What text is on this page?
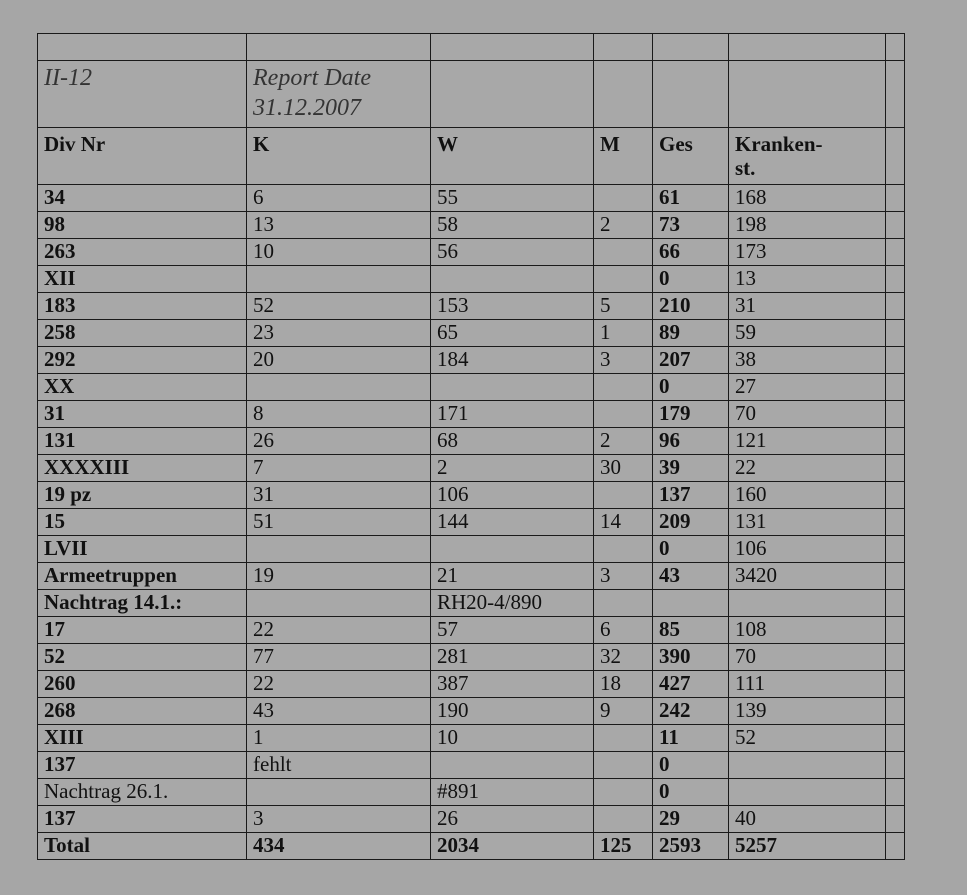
II-12	Report Date
31.12.2007					

Div Nr	K	W	M	Ges	Kranken-
st.	
34	6	55		61	168	
98	13	58	2	73	198	
263	10	56		66	173	
XII				0	13	
183	52	153	5	210	31	
258	23	65	1	89	59	
292	20	184	3	207	38	
XX				0	27	
31	8	171		179	70	
131	26	68	2	96	121	
XXXXIII	7	2	30	39	22	
19 pz	31	106		137	160	
15	51	144	14	209	131	
LVII				0	106	
Armeetruppen	19	21	3	43	3420	
Nachtrag 14.1.:		RH20-4/890				
17	22	57	6	85	108	
52	77	281	32	390	70	
260	22	387	18	427	111	
268	43	190	9	242	139	
XIII	1	10		11	52	
137	fehlt			0		
Nachtrag 26.1.		#891		0		
137	3	26		29	40	
Total	434	2034	125	2593	5257	
